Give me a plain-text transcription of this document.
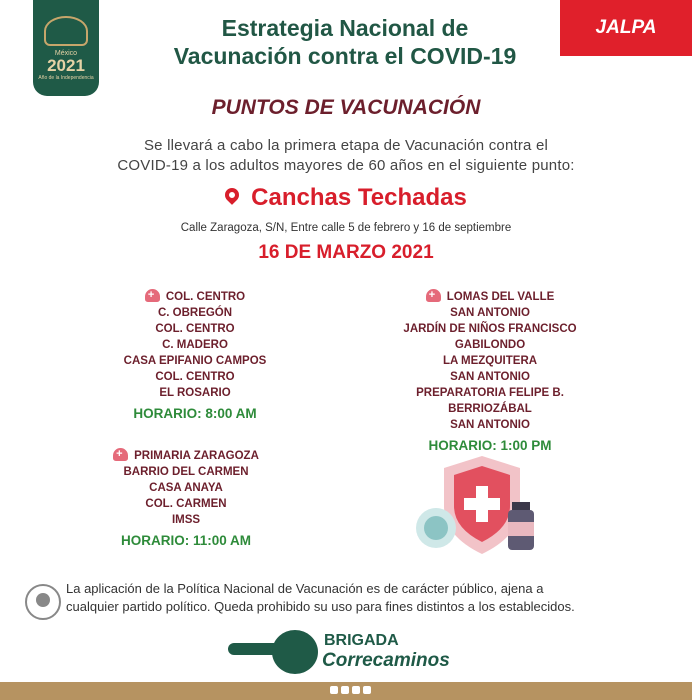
México
2021
Año de la Independencia
JALPA
Estrategia Nacional de
Vacunación contra el COVID-19
PUNTOS DE VACUNACIÓN
Se llevará a cabo la primera etapa de Vacunación contra el
COVID-19 a los adultos mayores de 60 años en el siguiente punto:
Canchas Techadas
Calle Zaragoza, S/N, Entre calle 5 de febrero y 16 de septiembre
16 DE MARZO 2021
+COL. CENTRO
C. OBREGÓN
COL. CENTRO
C. MADERO
CASA EPIFANIO CAMPOS
COL. CENTRO
EL ROSARIO
HORARIO: 8:00 AM
+PRIMARIA ZARAGOZA
BARRIO DEL CARMEN
CASA ANAYA
COL. CARMEN
IMSS
HORARIO: 11:00 AM
+LOMAS DEL VALLE
SAN ANTONIO
JARDÍN DE NIÑOS FRANCISCO
GABILONDO
LA MEZQUITERA
SAN ANTONIO
PREPARATORIA FELIPE B.
BERRIOZÁBAL
SAN ANTONIO
HORARIO: 1:00 PM
La aplicación de la Política Nacional de Vacunación es de carácter público, ajena a
cualquier partido político. Queda prohibido su uso para fines distintos a los establecidos.
BRIGADA
Correcaminos
